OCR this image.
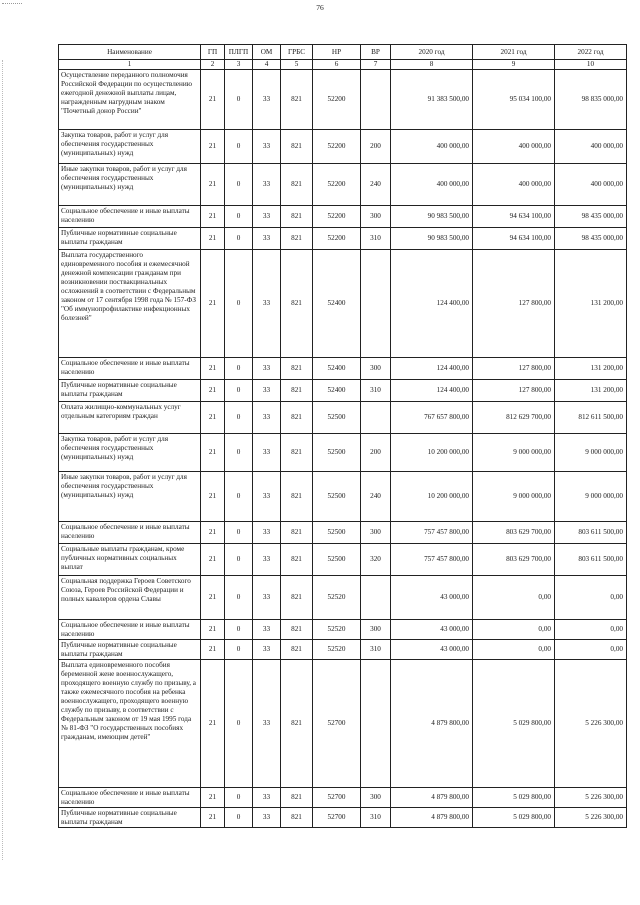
76
Наименование	ГП	ПЛГП	ОМ	ГРБС	НР	ВР	2020 год	2021 год	2022 год
1	2	3	4	5	6	7	8	9	10
Осуществление переданного полномочия Российской Федерации по осуществлению ежегодной денежной выплаты лицам, награжденным нагрудным знаком "Почетный донор России"	21	0	33	821	52200		91 383 500,00	95 034 100,00	98 835 000,00
Закупка товаров, работ и услуг для обеспечения государственных (муниципальных) нужд	21	0	33	821	52200	200	400 000,00	400 000,00	400 000,00
Иные закупки товаров, работ и услуг для обеспечения государственных (муниципальных) нужд	21	0	33	821	52200	240	400 000,00	400 000,00	400 000,00
Социальное обеспечение и иные выплаты населению	21	0	33	821	52200	300	90 983 500,00	94 634 100,00	98 435 000,00
Публичные нормативные социальные выплаты гражданам	21	0	33	821	52200	310	90 983 500,00	94 634 100,00	98 435 000,00
Выплата государственного единовременного пособия и ежемесячной денежной компенсации гражданам при возникновении поствакцинальных осложнений в соответствии с Федеральным законом от 17 сентября 1998 года № 157-ФЗ "Об иммунопрофилактике инфекционных болезней"	21	0	33	821	52400		124 400,00	127 800,00	131 200,00
Социальное обеспечение и иные выплаты населению	21	0	33	821	52400	300	124 400,00	127 800,00	131 200,00
Публичные нормативные социальные выплаты гражданам	21	0	33	821	52400	310	124 400,00	127 800,00	131 200,00
Оплата жилищно-коммунальных услуг отдельным категориям граждан	21	0	33	821	52500		767 657 800,00	812 629 700,00	812 611 500,00
Закупка товаров, работ и услуг для обеспечения государственных (муниципальных) нужд	21	0	33	821	52500	200	10 200 000,00	9 000 000,00	9 000 000,00
Иные закупки товаров, работ и услуг для обеспечения государственных (муниципальных) нужд	21	0	33	821	52500	240	10 200 000,00	9 000 000,00	9 000 000,00
Социальное обеспечение и иные выплаты населению	21	0	33	821	52500	300	757 457 800,00	803 629 700,00	803 611 500,00
Социальные выплаты гражданам, кроме публичных нормативных социальных выплат	21	0	33	821	52500	320	757 457 800,00	803 629 700,00	803 611 500,00
Социальная поддержка Героев Советского Союза, Героев Российской Федерации и полных кавалеров ордена Славы	21	0	33	821	52520		43 000,00	0,00	0,00
Социальное обеспечение и иные выплаты населению	21	0	33	821	52520	300	43 000,00	0,00	0,00
Публичные нормативные социальные выплаты гражданам	21	0	33	821	52520	310	43 000,00	0,00	0,00
Выплата единовременного пособия беременной жене военнослужащего, проходящего военную службу по призыву, а также ежемесячного пособия на ребенка военнослужащего, проходящего военную службу по призыву, в соответствии с Федеральным законом от 19 мая 1995 года № 81-ФЗ "О государственных пособиях гражданам, имеющим детей"	21	0	33	821	52700		4 879 800,00	5 029 800,00	5 226 300,00
Социальное обеспечение и иные выплаты населению	21	0	33	821	52700	300	4 879 800,00	5 029 800,00	5 226 300,00
Публичные нормативные социальные выплаты гражданам	21	0	33	821	52700	310	4 879 800,00	5 029 800,00	5 226 300,00
